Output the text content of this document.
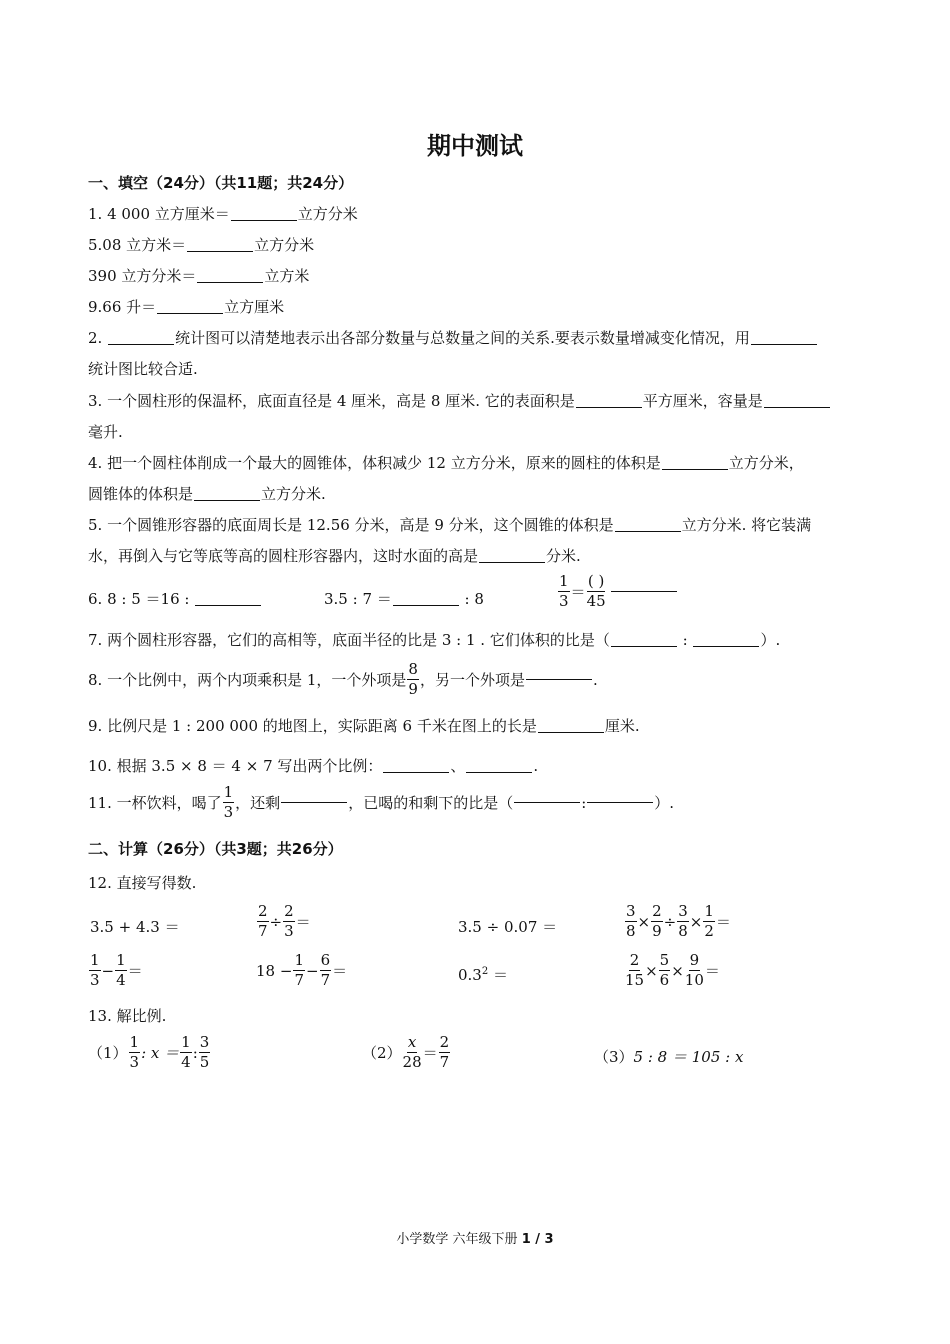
期中测试
一、填空（24分）（共11题；共24分）
1. 4 000 立方厘米＝	立方分米
5.08 立方米＝	立方分米
390 立方分米＝	立方米
9.66 升＝	立方厘米
2.	统计图可以清楚地表示出各部分数量与总数量之间的关系.要表示数量增减变化情况，用
统计图比较合适.
3. 一个圆柱形的保温杯，底面直径是 4 厘米，高是 8 厘米. 它的表面积是	平方厘米，容量是
毫升.
4. 把一个圆柱体削成一个最大的圆锥体，体积减少 12 立方分米，原来的圆柱的体积是	立方分米，
圆锥体的体积是	立方分米.
5. 一个圆锥形容器的底面周长是 12.56 分米，高是 9 分米，这个圆锥的体积是	立方分米. 将它装满
水，再倒入与它等底等高的圆柱形容器内，这时水面的高是	分米.
6. 8 : 5 ＝16 :	3.5 : 7 ＝	: 8	$\frac{1}{3} = \frac{( )}{45}$
7. 两个圆柱形容器，它们的高相等，底面半径的比是 3 : 1 . 它们体积的比是（	:	）.
8. 一个比例中，两个内项乘积是 1，一个外项是 $\frac{8}{9}$ ，另一个外项是	.
9. 比例尺是 1 : 200 000 的地图上，实际距离 6 千米在图上的长是	厘米.
10. 根据 3.5 × 8 ＝ 4 × 7 写出两个比例：	、	.
11. 一杯饮料，喝了 $\frac{1}{3}$ ，还剩	，已喝的和剩下的比是（	:	）.
二、计算（26分）（共3题；共26分）
12. 直接写得数.
3.5 + 4.3 ＝	$\frac{2}{7} \div \frac{2}{3}$ ＝	3.5 ÷ 0.07 ＝	$\frac{3}{8} \times \frac{2}{9} \div \frac{3}{8} \times \frac{1}{2}$ ＝
$\frac{1}{3} - \frac{1}{4}$ ＝	$18 - \frac{1}{7} - \frac{6}{7}$ ＝	$0.3^2$ ＝	$\frac{2}{15} \times \frac{5}{6} \times \frac{9}{10}$ ＝
13. 解比例.
$(1) \frac{1}{3}$ : $x = \frac{1}{4}$ : $\frac{3}{5}$	$(2) \frac{x}{28} = \frac{2}{7}$	（3）5 : 8 ＝ 105 : x
小学数学 六年级下册 1 / 3
